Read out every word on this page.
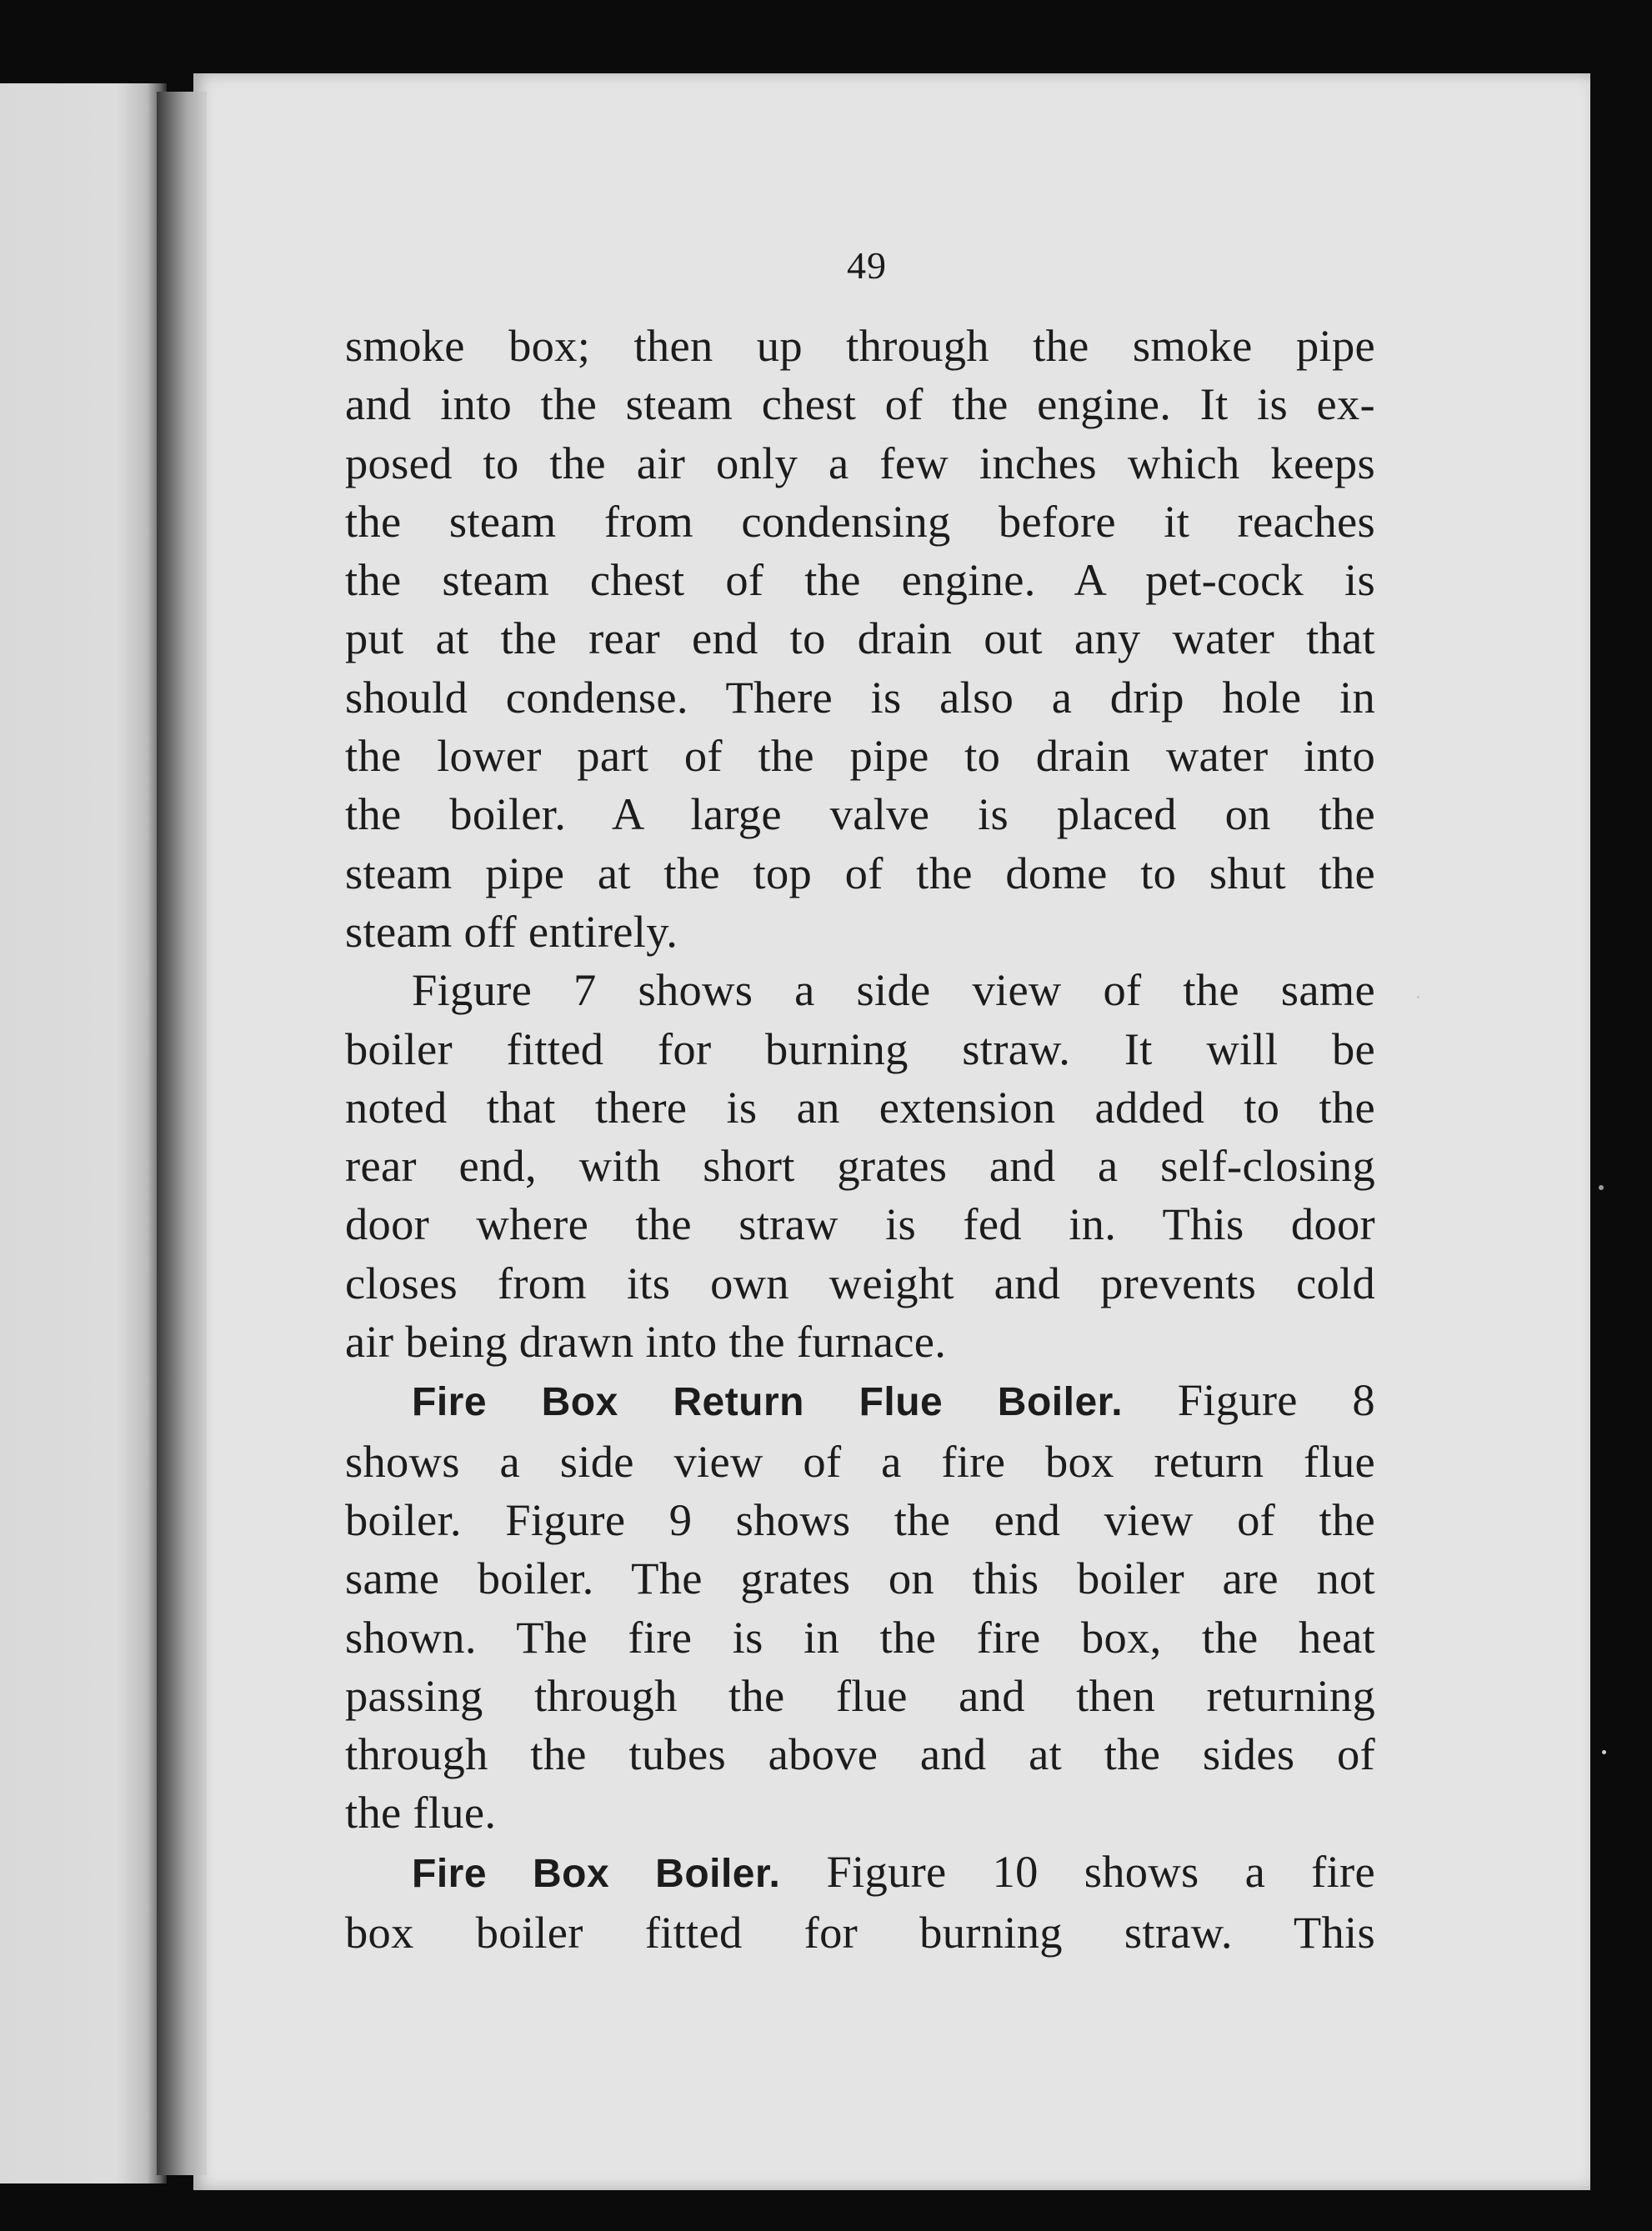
49
smoke box; then up through the smoke pipe
and into the steam chest of the engine. It is ex-
posed to the air only a few inches which keeps
the steam from condensing before it reaches
the steam chest of the engine. A pet-cock is
put at the rear end to drain out any water that
should condense. There is also a drip hole in
the lower part of the pipe to drain water into
the boiler. A large valve is placed on the
steam pipe at the top of the dome to shut the
steam off entirely.
Figure 7 shows a side view of the same
boiler fitted for burning straw. It will be
noted that there is an extension added to the
rear end, with short grates and a self-closing
door where the straw is fed in. This door
closes from its own weight and prevents cold
air being drawn into the furnace.
Fire Box Return Flue Boiler. Figure 8
shows a side view of a fire box return flue
boiler. Figure 9 shows the end view of the
same boiler. The grates on this boiler are not
shown. The fire is in the fire box, the heat
passing through the flue and then returning
through the tubes above and at the sides of
the flue.
Fire Box Boiler. Figure 10 shows a fire
box boiler fitted for burning straw. This
